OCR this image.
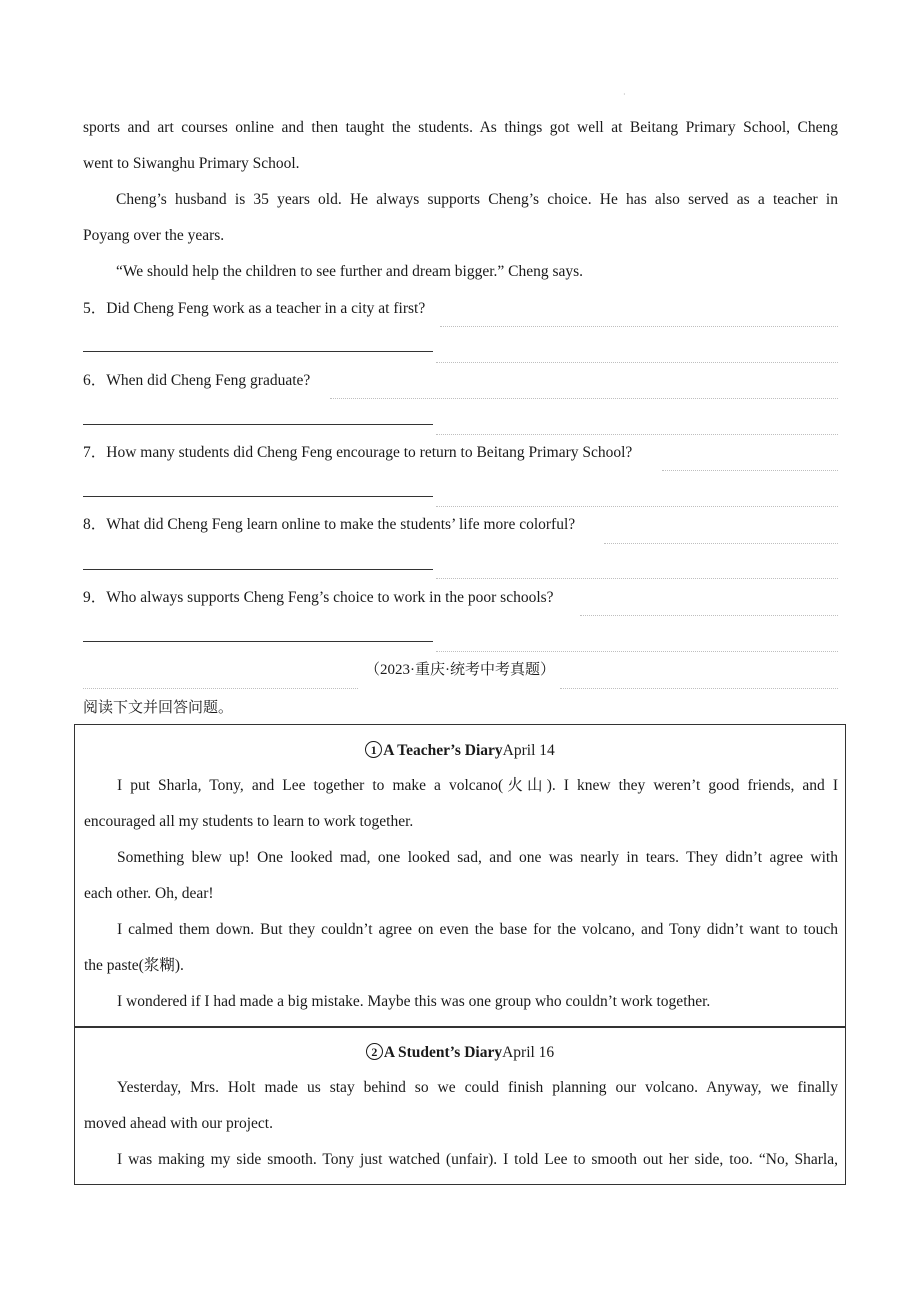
·
sports and art courses online and then taught the students. As things got well at Beitang Primary School, Cheng
went to Siwanghu Primary School.
Cheng’s husband is 35 years old. He always supports Cheng’s choice. He has also served as a teacher in
Poyang over the years.
“We should help the children to see further and dream bigger.” Cheng says.
5．Did Cheng Feng work as a teacher in a city at first?
6．When did Cheng Feng graduate?
7．How many students did Cheng Feng encourage to return to Beitang Primary School?
8．What did Cheng Feng learn online to make the students’ life more colorful?
9．Who always supports Cheng Feng’s choice to work in the poor schools?
（2023·重庆·统考中考真题）
阅读下文并回答问题。
1 A Teacher’s DiaryApril 14
I put Sharla, Tony, and Lee together to make a volcano(火山). I knew they weren’t good friends, and I
encouraged all my students to learn to work together.
Something blew up! One looked mad, one looked sad, and one was nearly in tears. They didn’t agree with
each other. Oh, dear!
I calmed them down. But they couldn’t agree on even the base for the volcano, and Tony didn’t want to touch
the paste(浆糊).
I wondered if I had made a big mistake. Maybe this was one group who couldn’t work together.
2 A Student’s DiaryApril 16
Yesterday, Mrs. Holt made us stay behind so we could finish planning our volcano. Anyway, we finally
moved ahead with our project.
I was making my side smooth. Tony just watched (unfair). I told Lee to smooth out her side, too. “No, Sharla,
